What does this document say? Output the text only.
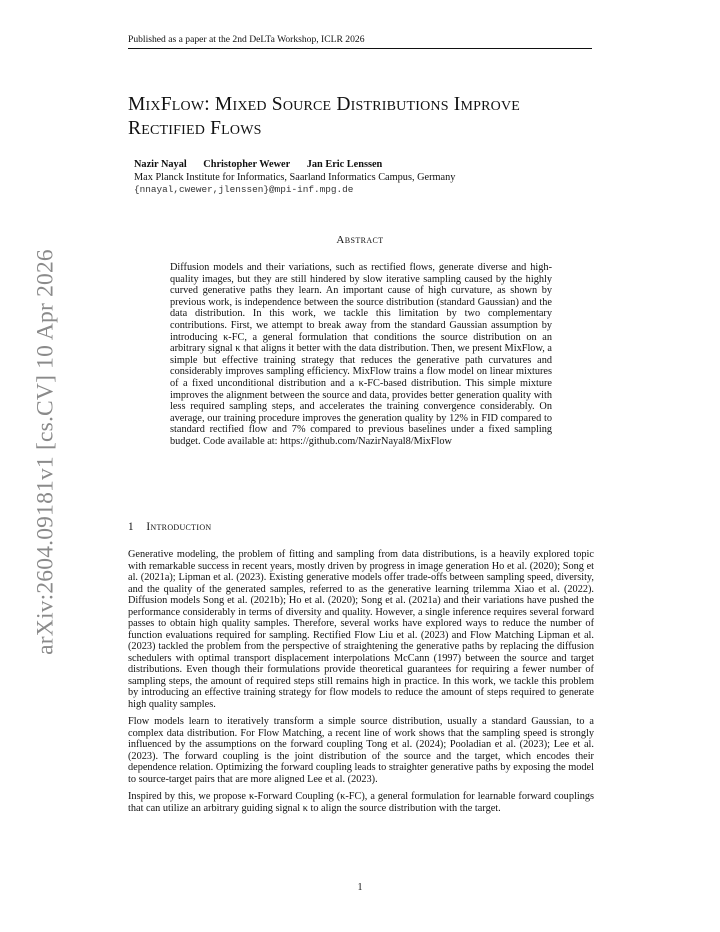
Published as a paper at the 2nd DeLTa Workshop, ICLR 2026
arXiv:2604.09181v1 [cs.CV] 10 Apr 2026
MixFlow: Mixed Source Distributions Improve Rectified Flows
Nazir Nayal Christopher Wewer Jan Eric Lenssen
Max Planck Institute for Informatics, Saarland Informatics Campus, Germany
{nnayal,cwewer,jlenssen}@mpi-inf.mpg.de
Abstract
Diffusion models and their variations, such as rectified flows, generate diverse and high-quality images, but they are still hindered by slow iterative sampling caused by the highly curved generative paths they learn. An important cause of high curvature, as shown by previous work, is independence between the source distribution (standard Gaussian) and the data distribution. In this work, we tackle this limitation by two complementary contributions. First, we attempt to break away from the standard Gaussian assumption by introducing κ-FC, a general formulation that conditions the source distribution on an arbitrary signal κ that aligns it better with the data distribution. Then, we present MixFlow, a simple but effective training strategy that reduces the generative path curvatures and considerably improves sampling efficiency. MixFlow trains a flow model on linear mixtures of a fixed unconditional distribution and a κ-FC-based distribution. This simple mixture improves the alignment between the source and data, provides better generation quality with less required sampling steps, and accelerates the training convergence considerably. On average, our training procedure improves the generation quality by 12% in FID compared to standard rectified flow and 7% compared to previous baselines under a fixed sampling budget. Code available at: https://github.com/NazirNayal8/MixFlow
1 Introduction

Generative modeling, the problem of fitting and sampling from data distributions, is a heavily explored topic with remarkable success in recent years, mostly driven by progress in image generation Ho et al. (2020); Song et al. (2021a); Lipman et al. (2023). Existing generative models offer trade-offs between sampling speed, diversity, and the quality of the generated samples, referred to as the generative learning trilemma Xiao et al. (2022). Diffusion models Song et al. (2021b); Ho et al. (2020); Song et al. (2021a) and their variations have pushed the performance considerably in terms of diversity and quality. However, a single inference requires several forward passes to obtain high quality samples. Therefore, several works have explored ways to reduce the number of function evaluations required for sampling. Rectified Flow Liu et al. (2023) and Flow Matching Lipman et al. (2023) tackled the problem from the perspective of straightening the generative paths by replacing the diffusion schedulers with optimal transport displacement interpolations McCann (1997) between the source and target distributions. Even though their formulations provide theoretical guarantees for requiring a fewer number of sampling steps, the amount of required steps still remains high in practice. In this work, we tackle this problem by introducing an effective training strategy for flow models to reduce the amount of steps required to generate high quality samples.

Flow models learn to iteratively transform a simple source distribution, usually a standard Gaussian, to a complex data distribution. For Flow Matching, a recent line of work shows that the sampling speed is strongly influenced by the assumptions on the forward coupling Tong et al. (2024); Pooladian et al. (2023); Lee et al. (2023). The forward coupling is the joint distribution of the source and the target, which encodes their dependence relation. Optimizing the forward coupling leads to straighter generative paths by exposing the model to source-target pairs that are more aligned Lee et al. (2023).

Inspired by this, we propose κ-Forward Coupling (κ-FC), a general formulation for learnable forward couplings that can utilize an arbitrary guiding signal κ to align the source distribution with the target.

1
